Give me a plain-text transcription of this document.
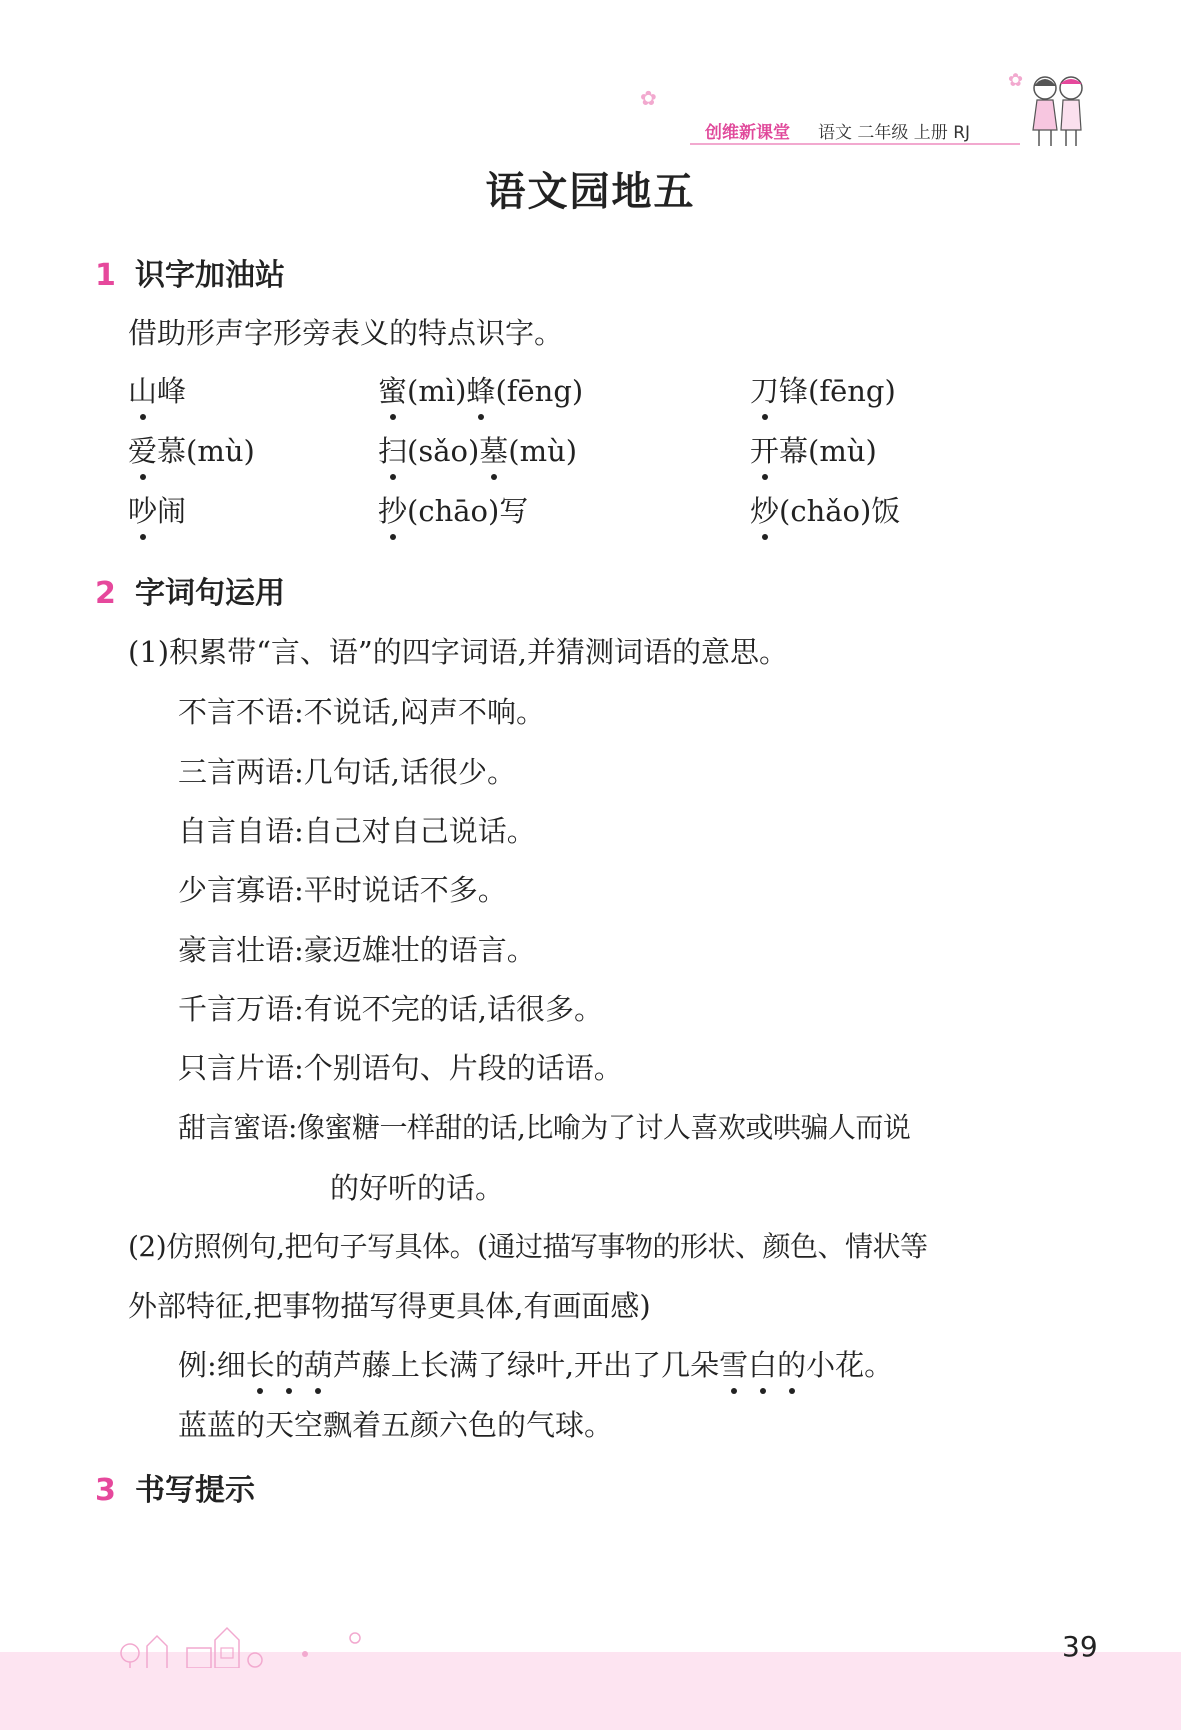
✿
✿
创维新课堂 语文 二年级 上册 RJ
语文园地五
1 识字加油站
借助形声字形旁表义的特点识字。
山峰	蜜(mì)蜂(fēng)	刀锋(fēng)
爱慕(mù)	扫(sǎo)墓(mù)	开幕(mù)
吵闹	抄(chāo)写	炒(chǎo)饭
2 字词句运用
(1)积累带“言、语”的四字词语,并猜测词语的意思。
不言不语:不说话,闷声不响。
三言两语:几句话,话很少。
自言自语:自己对自己说话。
少言寡语:平时说话不多。
豪言壮语:豪迈雄壮的语言。
千言万语:有说不完的话,话很多。
只言片语:个别语句、片段的话语。
甜言蜜语:像蜜糖一样甜的话,比喻为了讨人喜欢或哄骗人而说
的好听的话。
(2)仿照例句,把句子写具体。(通过描写事物的形状、颜色、情状等
外部特征,把事物描写得更具体,有画面感)
例:细长的葫芦藤上长满了绿叶,开出了几朵雪白的小花。
蓝蓝的天空飘着五颜六色的气球。
3 书写提示
39
